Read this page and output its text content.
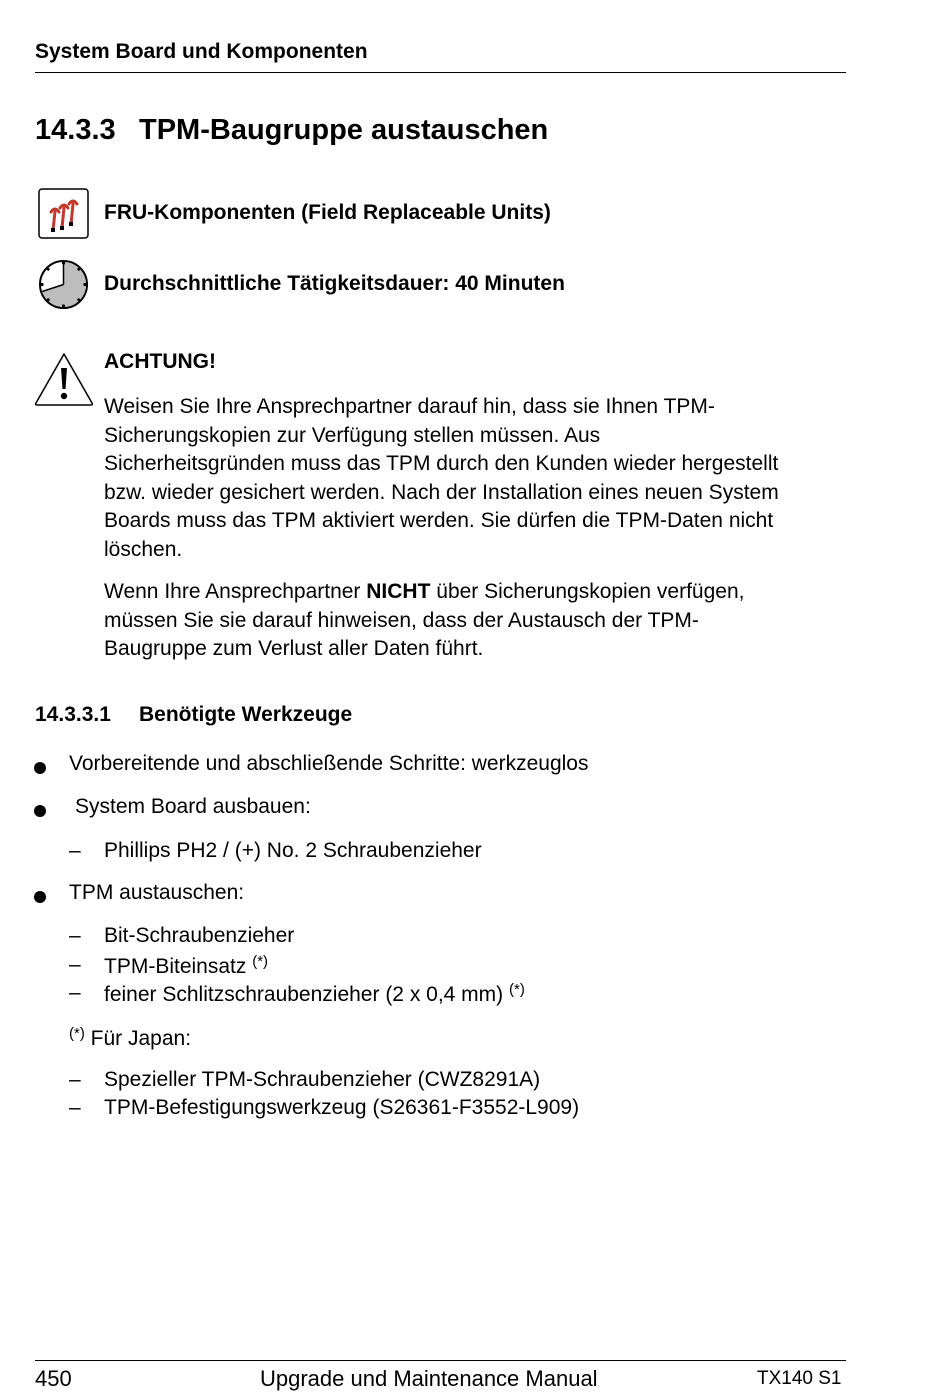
System Board und Komponenten
14.3.3 TPM-Baugruppe austauschen
FRU-Komponenten (Field Replaceable Units)
Durchschnittliche Tätigkeitsdauer: 40 Minuten
ACHTUNG!
Weisen Sie Ihre Ansprechpartner darauf hin, dass sie Ihnen TPM-
Sicherungskopien zur Verfügung stellen müssen. Aus
Sicherheitsgründen muss das TPM durch den Kunden wieder hergestellt
bzw. wieder gesichert werden. Nach der Installation eines neuen System
Boards muss das TPM aktiviert werden. Sie dürfen die TPM-Daten nicht
löschen.
Wenn Ihre Ansprechpartner NICHT über Sicherungskopien verfügen,
müssen Sie sie darauf hinweisen, dass der Austausch der TPM-
Baugruppe zum Verlust aller Daten führt.
14.3.3.1 Benötigte Werkzeuge
Vorbereitende und abschließende Schritte: werkzeuglos
System Board ausbauen:
– Phillips PH2 / (+) No. 2 Schraubenzieher
TPM austauschen:
– Bit-Schraubenzieher
– TPM-Biteinsatz (*)
– feiner Schlitzschraubenzieher (2 x 0,4 mm) (*)
(*) Für Japan:
– Spezieller TPM-Schraubenzieher (CWZ8291A)
– TPM-Befestigungswerkzeug (S26361-F3552-L909)
450	Upgrade und Maintenance Manual	TX140 S1
